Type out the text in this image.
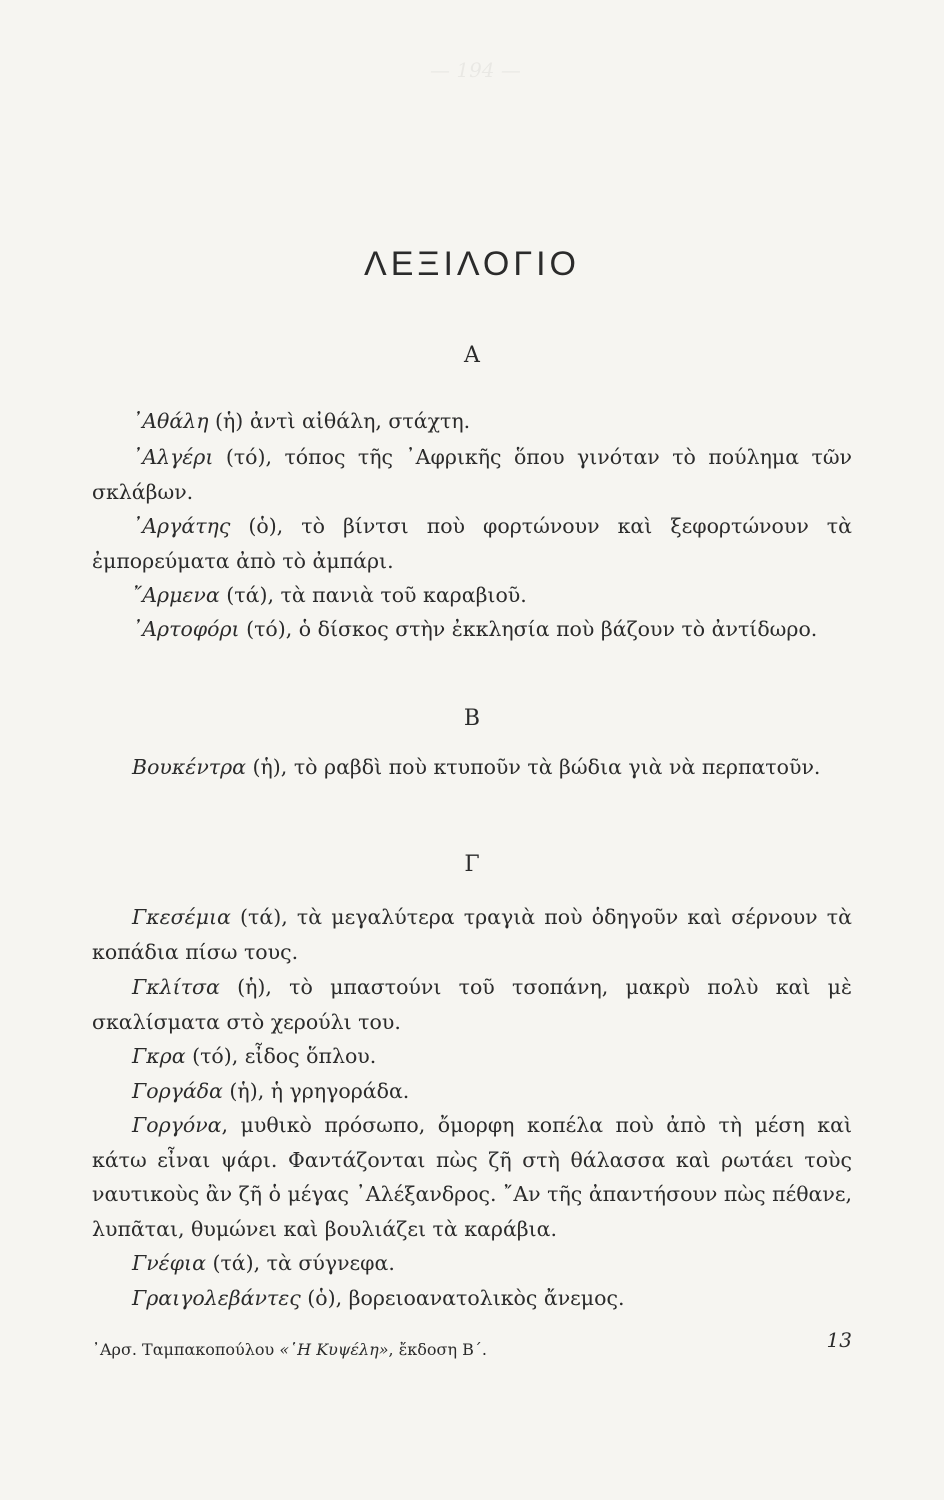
— 194 —
ΛΕΞΙΛΟΓΙΟ
Α
᾿Αθάλη (ἡ) ἀντὶ αἰθάλη, στάχτη.
᾿Αλγέρι (τό), τόπος τῆς ᾿Αφρικῆς ὅπου γινόταν τὸ πούλημα τῶν σκλάβων.
᾿Αργάτης (ὁ), τὸ βίντσι ποὺ φορτώνουν καὶ ξεφορτώνουν τὰ ἐμπορεύματα ἀπὸ τὸ ἀμπάρι.
῎Αρμενα (τά), τὰ πανιὰ τοῦ καραβιοῦ.
᾿Αρτοφόρι (τό), ὁ δίσκος στὴν ἐκκλησία ποὺ βάζουν τὸ ἀντίδωρο.
Β
Βουκέντρα (ἡ), τὸ ραβδὶ ποὺ κτυποῦν τὰ βώδια γιὰ νὰ περπατοῦν.
Γ
Γκεσέμια (τά), τὰ μεγαλύτερα τραγιὰ ποὺ ὁδηγοῦν καὶ σέρνουν τὰ κοπάδια πίσω τους.
Γκλίτσα (ἡ), τὸ μπαστούνι τοῦ τσοπάνη, μακρὺ πολὺ καὶ μὲ σκαλίσματα στὸ χερούλι του.
Γκρα (τό), εἶδος ὅπλου.
Γοργάδα (ἡ), ἡ γρηγοράδα.
Γοργόνα, μυθικὸ πρόσωπο, ὄμορφη κοπέλα ποὺ ἀπὸ τὴ μέση καὶ κάτω εἶναι ψάρι. Φαντάζονται πὼς ζῆ στὴ θάλασσα καὶ ρωτάει τοὺς ναυτικοὺς ἂν ζῆ ὁ μέγας ᾿Αλέξανδρος. ῎Αν τῆς ἀπαντήσουν πὼς πέθανε, λυπᾶται, θυμώνει καὶ βουλιάζει τὰ καράβια.
Γνέφια (τά), τὰ σύγνεφα.
Γραιγολεβάντες (ὁ), βορειοανατολικὸς ἄνεμος.
᾿Αρσ. Ταμπακοπούλου «῾Η Κυψέλη», ἔκδοση Β΄.	13
